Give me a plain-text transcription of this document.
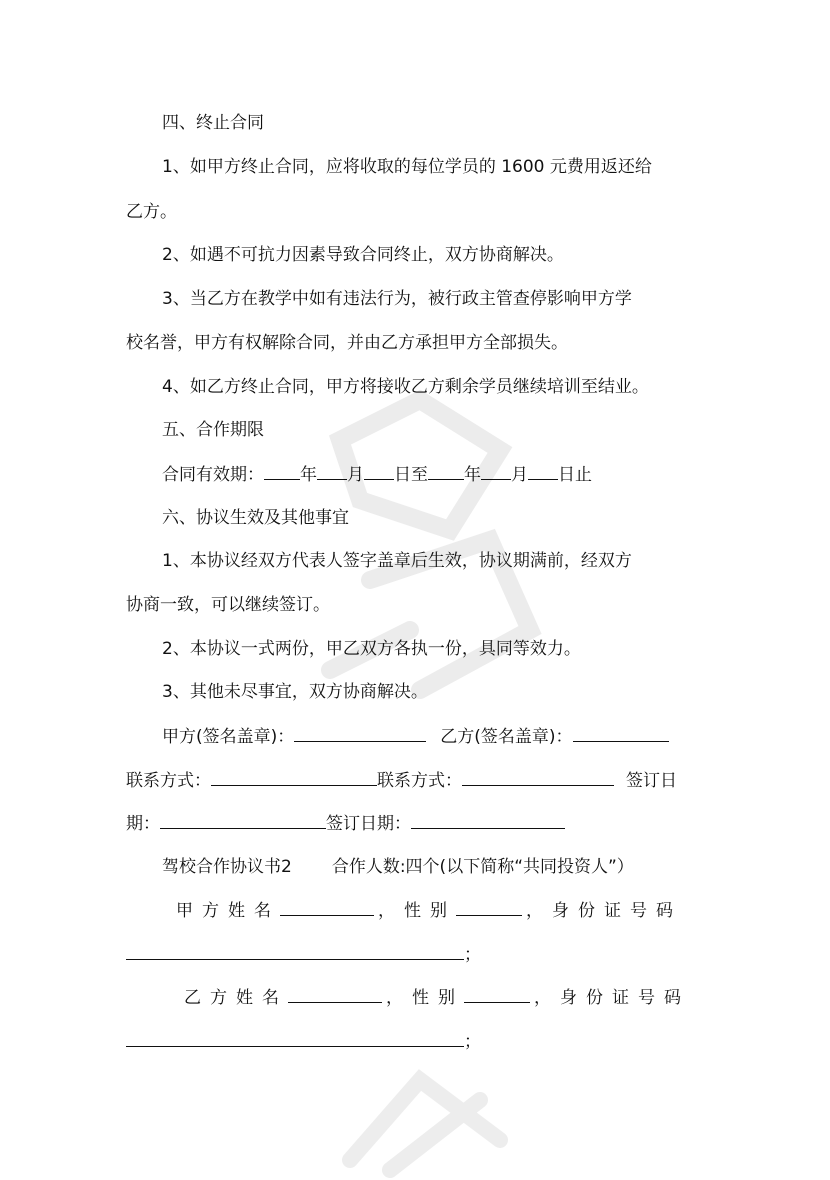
四、终止合同
1、如甲方终止合同，应将收取的每位学员的 1600 元费用返还给
乙方。
2、如遇不可抗力因素导致合同终止，双方协商解决。
3、当乙方在教学中如有违法行为，被行政主管查停影响甲方学
校名誉，甲方有权解除合同，并由乙方承担甲方全部损失。
4、如乙方终止合同，甲方将接收乙方剩余学员继续培训至结业。
五、合作期限
合同有效期： 年 月 日至 年 月 日止
六、协议生效及其他事宜
1、本协议经双方代表人签字盖章后生效，协议期满前，经双方
协商一致，可以继续签订。
2、本协议一式两份，甲乙双方各执一份，具同等效力。
3、其他未尽事宜，双方协商解决。
甲方(签名盖章)：	乙方(签名盖章)：
联系方式：	联系方式：	签订日
期：	签订日期：
驾校合作协议书2 合作人数:四个(以下简称“共同投资人”）
甲方姓名	，性别	，身份证号码
；
乙方姓名	，性别	，身份证号码
；
